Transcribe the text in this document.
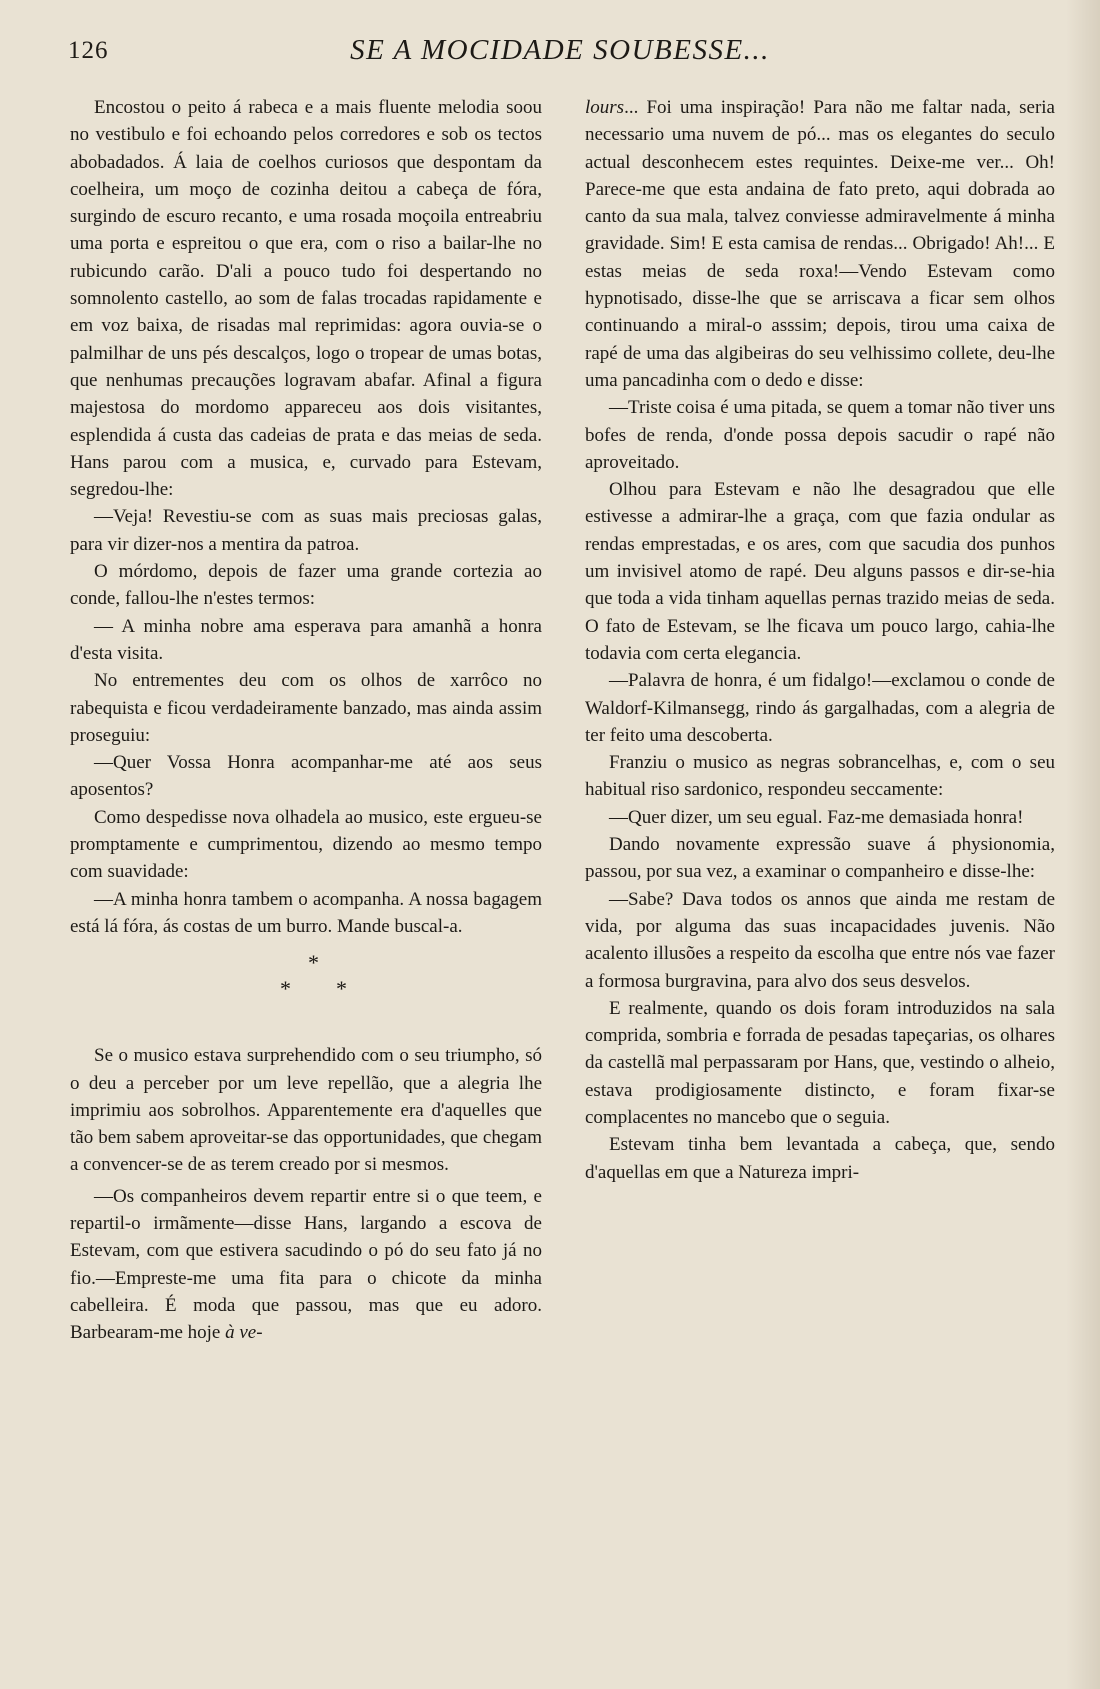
126	SE A MOCIDADE SOUBESSE...

Encostou o peito á rabeca e a mais fluente melodia soou no vestibulo e foi echoando pelos corredores e sob os tectos abobadados. Á laia de coelhos curiosos que despontam da coelheira, um moço de cozinha deitou a cabeça de fóra, surgindo de escuro recanto, e uma rosada moçoila entreabriu uma porta e espreitou o que era, com o riso a bailar-lhe no rubicundo carão. D'ali a pouco tudo foi despertando no somnolento castello, ao som de falas trocadas rapidamente e em voz baixa, de risadas mal reprimidas: agora ouvia-se o palmilhar de uns pés descalços, logo o tropear de umas botas, que nenhumas precauções logravam abafar. Afinal a figura majestosa do mordomo appareceu aos dois visitantes, esplendida á custa das cadeias de prata e das meias de seda. Hans parou com a musica, e, curvado para Estevam, segredou-lhe:

—Veja! Revestiu-se com as suas mais preciosas galas, para vir dizer-nos a mentira da patroa.

O mórdomo, depois de fazer uma grande cortezia ao conde, fallou-lhe n'estes termos:

— A minha nobre ama esperava para amanhã a honra d'esta visita.

No entrementes deu com os olhos de xarrôco no rabequista e ficou verdadeiramente banzado, mas ainda assim proseguiu:

—Quer Vossa Honra acompanhar-me até aos seus aposentos?

Como despedisse nova olhadela ao musico, este ergueu-se promptamente e cumprimentou, dizendo ao mesmo tempo com suavidade:

—A minha honra tambem o acompanha. A nossa bagagem está lá fóra, ás costas de um burro. Mande buscal-a.

*
* *

Se o musico estava surprehendido com o seu triumpho, só o deu a perceber por um leve repellão, que a alegria lhe imprimiu aos sobrolhos. Apparentemente era d'aquelles que tão bem sabem aproveitar-se das opportunidades, que chegam a convencer-se de as terem creado por si mesmos.

—Os companheiros devem repartir entre si o que teem, e repartil-o irmãmente—disse Hans, largando a escova de Estevam, com que estivera sacudindo o pó do seu fato já no fio.—Empreste-me uma fita para o chicote da minha cabelleira. É moda que passou, mas que eu adoro. Barbearam-me hoje à ve-

lours... Foi uma inspiração! Para não me faltar nada, seria necessario uma nuvem de pó... mas os elegantes do seculo actual desconhecem estes requintes. Deixe-me ver... Oh! Parece-me que esta andaina de fato preto, aqui dobrada ao canto da sua mala, talvez conviesse admiravelmente á minha gravidade. Sim! E esta camisa de rendas... Obrigado! Ah!... E estas meias de seda roxa!—Vendo Estevam como hypnotisado, disse-lhe que se arriscava a ficar sem olhos continuando a miral-o asssim; depois, tirou uma caixa de rapé de uma das algibeiras do seu velhissimo collete, deu-lhe uma pancadinha com o dedo e disse:

—Triste coisa é uma pitada, se quem a tomar não tiver uns bofes de renda, d'onde possa depois sacudir o rapé não aproveitado.

Olhou para Estevam e não lhe desagradou que elle estivesse a admirar-lhe a graça, com que fazia ondular as rendas emprestadas, e os ares, com que sacudia dos punhos um invisivel atomo de rapé. Deu alguns passos e dir-se-hia que toda a vida tinham aquellas pernas trazido meias de seda. O fato de Estevam, se lhe ficava um pouco largo, cahia-lhe todavia com certa elegancia.

—Palavra de honra, é um fidalgo!—exclamou o conde de Waldorf-Kilmansegg, rindo ás gargalhadas, com a alegria de ter feito uma descoberta.

Franziu o musico as negras sobrancelhas, e, com o seu habitual riso sardonico, respondeu seccamente:

—Quer dizer, um seu egual. Faz-me demasiada honra!

Dando novamente expressão suave á physionomia, passou, por sua vez, a examinar o companheiro e disse-lhe:

—Sabe? Dava todos os annos que ainda me restam de vida, por alguma das suas incapacidades juvenis. Não acalento illusões a respeito da escolha que entre nós vae fazer a formosa burgravina, para alvo dos seus desvelos.

E realmente, quando os dois foram introduzidos na sala comprida, sombria e forrada de pesadas tapeçarias, os olhares da castellã mal perpassaram por Hans, que, vestindo o alheio, estava prodigiosamente distincto, e foram fixar-se complacentes no mancebo que o seguia.

Estevam tinha bem levantada a cabeça, que, sendo d'aquellas em que a Natureza impri-
